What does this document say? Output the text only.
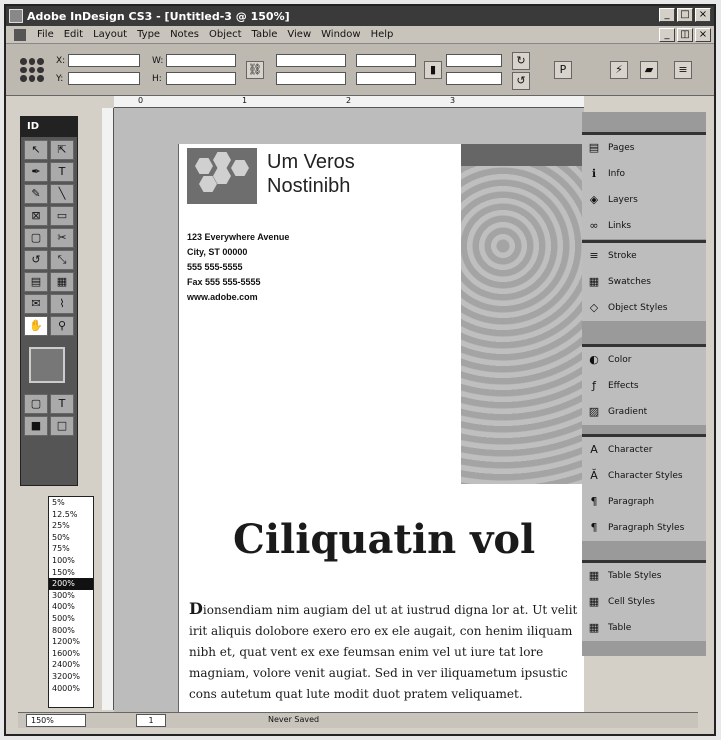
Adobe InDesign CS3 - [Untitled-3 @ 150%]	_	□ ×
File	Edit	Layout	Type	Notes	Object	Table	View	Window	Help	_	◫ ×
X:
Y:
W:
H:
⛓	▮
↻
↺
P	⚡	▰	≡
0	1	2	3
ID
↖	⇱
✒	T
✎	╲
⊠	▭
▢	✂
↺	⤡
▤	▦
✉	⌇
✋	⚲
▢	T
■	□
5%
12.5%
25%
50%
75%
100%
150%
200%
300%
400%
500%
800%
1200%
1600%
2400%
3200%
4000%
Um Veros
Nostinibh
123 Everywhere Avenue
City, ST 00000
555 555-5555
Fax 555 555-5555
www.adobe.com
Ciliquatin vol
Dionsendiam nim augiam del ut at iustrud digna lor at. Ut velit irit aliquis dolobore exero ero ex ele augait, con henim iliquam nibh et, quat vent ex exe feumsan enim vel ut iure tat lore magniam, volore venit augiat. Sed in ver iliquametum ipsustic cons autetum quat lute modit duot pratem veliquamet.
▤ Pages
ℹ	Info
◈	Layers
∞	Links
≡	Stroke
▦ Swatches
◇	Object Styles
◐	Color
ƒ	Effects
▨ Gradient
A	Character
Ă	Character Styles
¶	Paragraph
¶	Paragraph Styles
▦ Table Styles
▦ Cell Styles
▦ Table
150%	1	Never Saved
